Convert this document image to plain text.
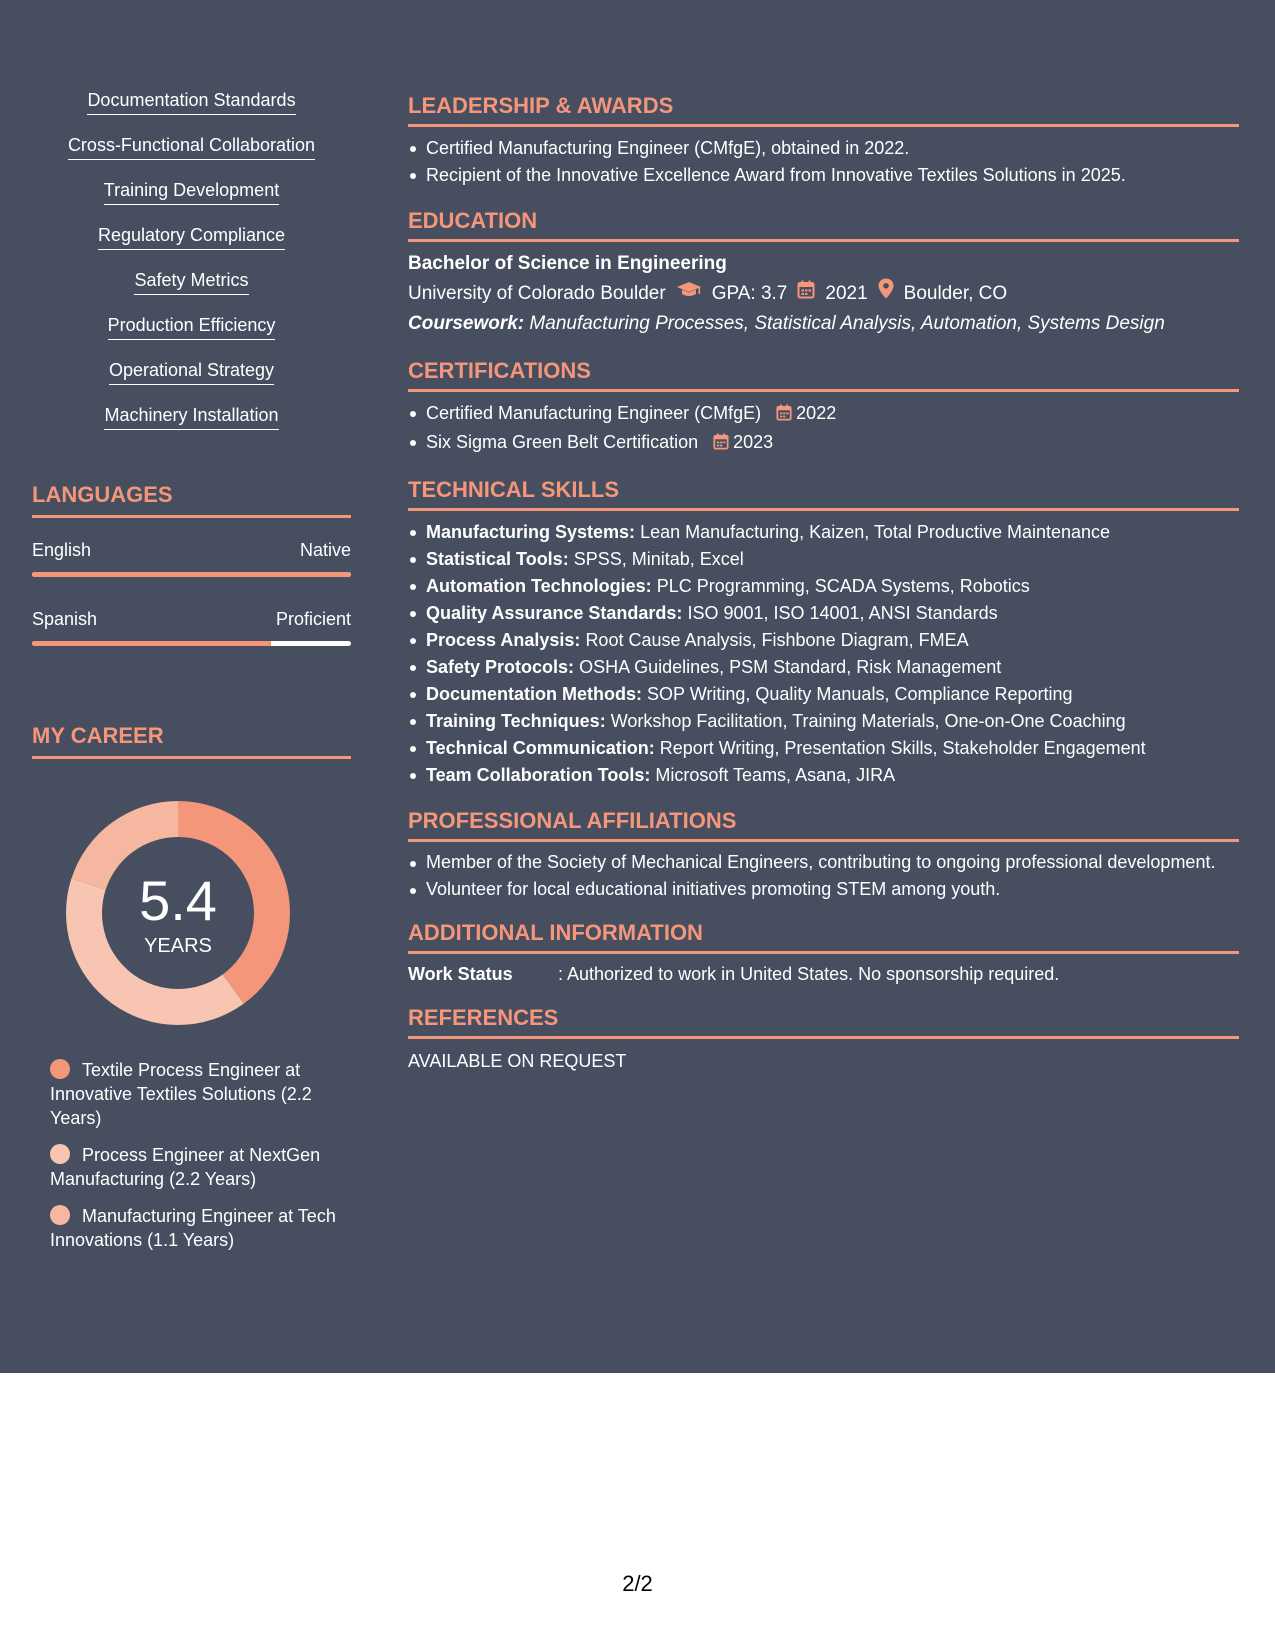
Documentation Standards
Cross-Functional Collaboration
Training Development
Regulatory Compliance
Safety Metrics
Production Efficiency
Operational Strategy
Machinery Installation
LANGUAGES
English	Native
Spanish	Proficient
MY CAREER
5.4
YEARS
Textile Process Engineer at Innovative Textiles Solutions (2.2 Years)
Process Engineer at NextGen Manufacturing (2.2 Years)
Manufacturing Engineer at Tech Innovations (1.1 Years)
LEADERSHIP & AWARDS
Certified Manufacturing Engineer (CMfgE), obtained in 2022.
Recipient of the Innovative Excellence Award from Innovative Textiles Solutions in 2025.
EDUCATION
Bachelor of Science in Engineering
University of Colorado Boulder GPA: 3.7 2021 Boulder, CO
Coursework: Manufacturing Processes, Statistical Analysis, Automation, Systems Design
CERTIFICATIONS
Certified Manufacturing Engineer (CMfgE) 2022
Six Sigma Green Belt Certification 2023
TECHNICAL SKILLS
Manufacturing Systems: Lean Manufacturing, Kaizen, Total Productive Maintenance
Statistical Tools: SPSS, Minitab, Excel
Automation Technologies: PLC Programming, SCADA Systems, Robotics
Quality Assurance Standards: ISO 9001, ISO 14001, ANSI Standards
Process Analysis: Root Cause Analysis, Fishbone Diagram, FMEA
Safety Protocols: OSHA Guidelines, PSM Standard, Risk Management
Documentation Methods: SOP Writing, Quality Manuals, Compliance Reporting
Training Techniques: Workshop Facilitation, Training Materials, One-on-One Coaching
Technical Communication: Report Writing, Presentation Skills, Stakeholder Engagement
Team Collaboration Tools: Microsoft Teams, Asana, JIRA
PROFESSIONAL AFFILIATIONS
Member of the Society of Mechanical Engineers, contributing to ongoing professional development.
Volunteer for local educational initiatives promoting STEM among youth.
ADDITIONAL INFORMATION
Work Status	: Authorized to work in United States. No sponsorship required.
REFERENCES
AVAILABLE ON REQUEST
2/2
